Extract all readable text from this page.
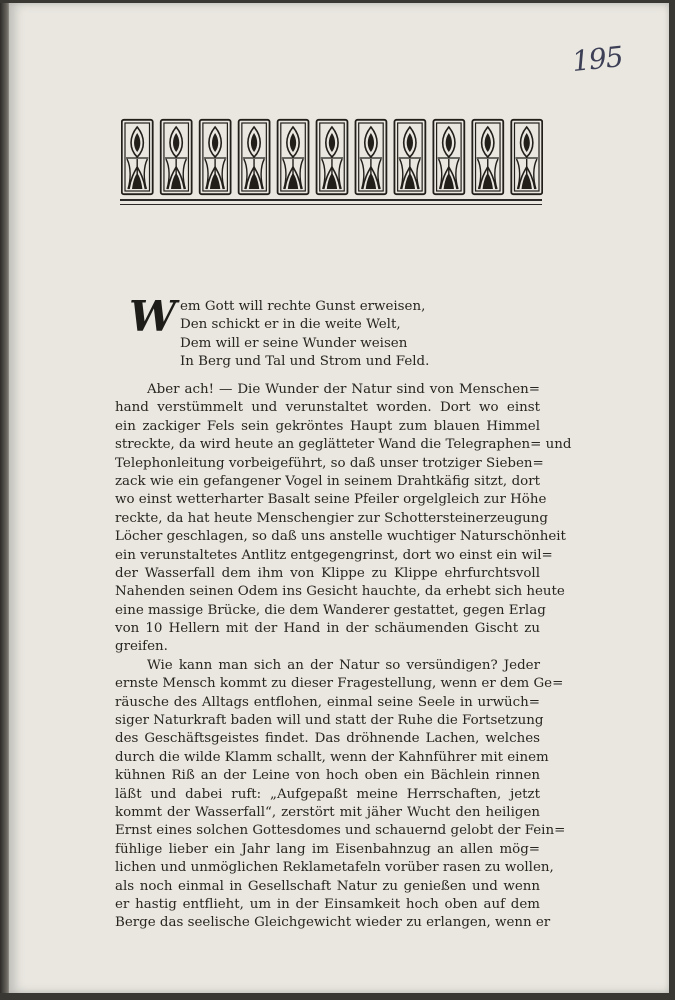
195
W em Gott will rechte Gunst erweisen,
Den schickt er in die weite Welt,
Dem will er seine Wunder weisen
In Berg und Tal und Strom und Feld.
Aber ach! — Die Wunder der Natur sind von Menschen=
hand verstümmelt und verunstaltet worden. Dort wo einst
ein zackiger Fels sein gekröntes Haupt zum blauen Himmel
streckte, da wird heute an geglätteter Wand die Telegraphen= und
Telephonleitung vorbeigeführt, so daß unser trotziger Sieben=
zack wie ein gefangener Vogel in seinem Drahtkäfig sitzt, dort
wo einst wetterharter Basalt seine Pfeiler orgelgleich zur Höhe
reckte, da hat heute Menschengier zur Schottersteinerzeugung
Löcher geschlagen, so daß uns anstelle wuchtiger Naturschönheit
ein verunstaltetes Antlitz entgegengrinst, dort wo einst ein wil=
der Wasserfall dem ihm von Klippe zu Klippe ehrfurchtsvoll
Nahenden seinen Odem ins Gesicht hauchte, da erhebt sich heute
eine massige Brücke, die dem Wanderer gestattet, gegen Erlag
von 10 Hellern mit der Hand in der schäumenden Gischt zu
greifen.
Wie kann man sich an der Natur so versündigen? Jeder
ernste Mensch kommt zu dieser Fragestellung, wenn er dem Ge=
räusche des Alltags entflohen, einmal seine Seele in urwüch=
siger Naturkraft baden will und statt der Ruhe die Fortsetzung
des Geschäftsgeistes findet. Das dröhnende Lachen, welches
durch die wilde Klamm schallt, wenn der Kahnführer mit einem
kühnen Riß an der Leine von hoch oben ein Bächlein rinnen
läßt und dabei ruft: „Aufgepaßt meine Herrschaften, jetzt
kommt der Wasserfall“, zerstört mit jäher Wucht den heiligen
Ernst eines solchen Gottesdomes und schauernd gelobt der Fein=
fühlige lieber ein Jahr lang im Eisenbahnzug an allen mög=
lichen und unmöglichen Reklametafeln vorüber rasen zu wollen,
als noch einmal in Gesellschaft Natur zu genießen und wenn
er hastig entflieht, um in der Einsamkeit hoch oben auf dem
Berge das seelische Gleichgewicht wieder zu erlangen, wenn er
